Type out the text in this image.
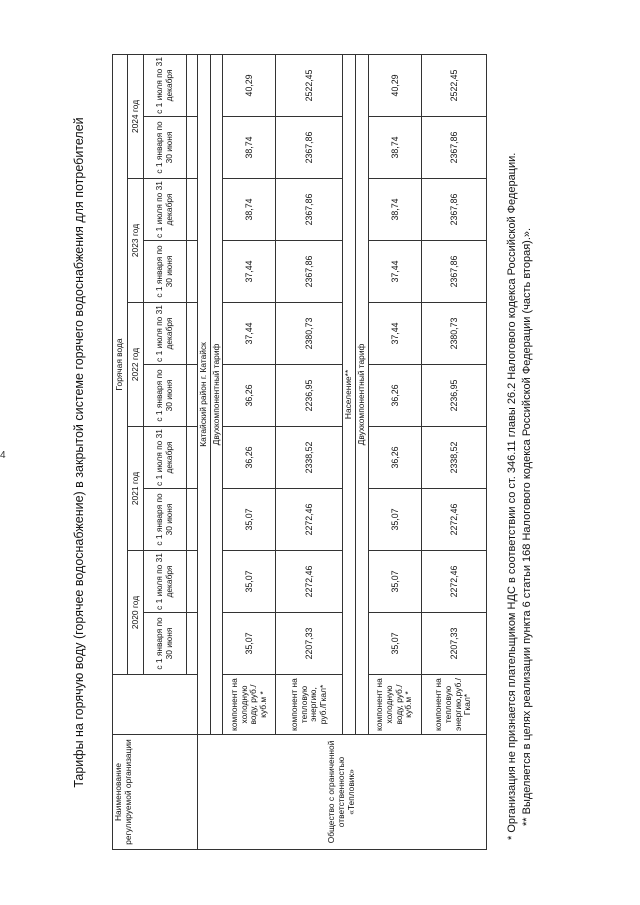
4	Тарифы на горячую воду (горячее водоснабжение) в закрытой системе горячего водоснабжения для потребителей
Наименование регулируемой организации		Горячая вода									
		2020 год		2021 год		2022 год		2023 год		2024 год	
		с 1 января по 30 июня	с 1 июля по 31 декабря	с 1 января по 30 июня	с 1 июля по 31 декабря	с 1 января по 30 июня	с 1 июля по 31 декабря	с 1 января по 30 июня	с 1 июля по 31 декабря	с 1 января по 30 июня	с 1 июля по 31 декабря

Общество с ограниченной ответственностью «Тепловик»	Катайский район г. Катайск										
	Двухкомпонентный тариф										
	компонент на холодную воду, руб./куб.м *	35,07	35,07	35,07	36,26	36,26	37,44	37,44	38,74	38,74	40,29
	компонент на тепловую энергию, руб./Гкал*	2207,33	2272,46	2272,46	2338,52	2236,95	2380,73	2367,86	2367,86	2367,86	2522,45
	Население**										
	Двухкомпонентный тариф										
	компонент на холодную воду, руб./куб.м *	35,07	35,07	35,07	36,26	36,26	37,44	37,44	38,74	38,74	40,29
	компонент на тепловую энергию,руб./Гкал*	2207,33	2272,46	2272,46	2338,52	2236,95	2380,73	2367,86	2367,86	2367,86	2522,45

* Организация не признается плательщиком НДС в соответствии со ст. 346.11 главы 26.2 Налогового кодекса Российской Федерации. ** Выделяется в целях реализации пункта 6 статьи 168 Налогового кодекса Российской Федерации (часть вторая).».
